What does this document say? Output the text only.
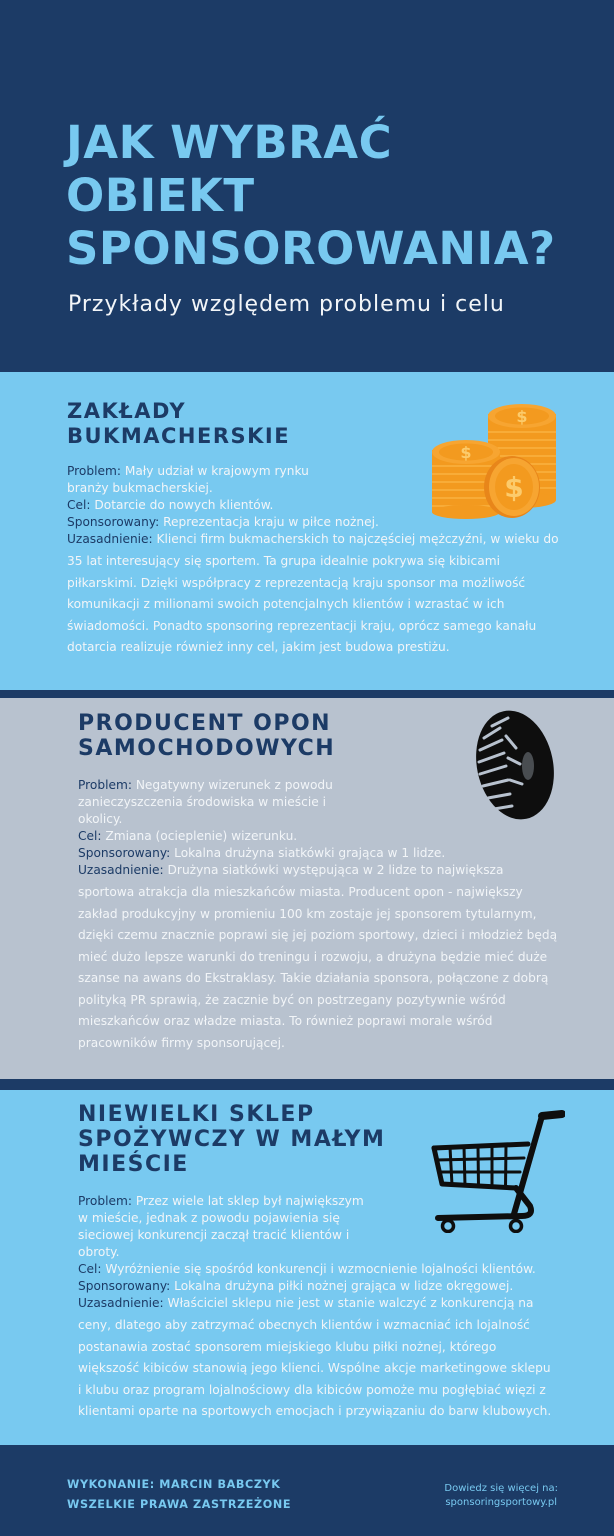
JAK WYBRAĆ
OBIEKT
SPONSOROWANIA?
Przykłady względem problemu i celu
ZAKŁADY
BUKMACHERSKIE
Problem: Mały udział w krajowym rynku
branży bukmacherskiej.
Cel: Dotarcie do nowych klientów.
Sponsorowany: Reprezentacja kraju w piłce nożnej.
Uzasadnienie: Klienci firm bukmacherskich to najczęściej mężczyźni, w wieku do
35 lat interesujący się sportem. Ta grupa idealnie pokrywa się kibicami
piłkarskimi. Dzięki współpracy z reprezentacją kraju sponsor ma możliwość
komunikacji z milionami swoich potencjalnych klientów i wzrastać w ich
świadomości. Ponadto sponsoring reprezentacji kraju, oprócz samego kanału
dotarcia realizuje również inny cel, jakim jest budowa prestiżu.
$
$
$
PRODUCENT OPON
SAMOCHODOWYCH
Problem: Negatywny wizerunek z powodu
zanieczyszczenia środowiska w mieście i
okolicy.
Cel: Zmiana (ocieplenie) wizerunku.
Sponsorowany: Lokalna drużyna siatkówki grająca w 1 lidze.
Uzasadnienie: Drużyna siatkówki występująca w 2 lidze to największa
sportowa atrakcja dla mieszkańców miasta. Producent opon - największy
zakład produkcyjny w promieniu 100 km zostaje jej sponsorem tytularnym,
dzięki czemu znacznie poprawi się jej poziom sportowy, dzieci i młodzież będą
mieć dużo lepsze warunki do treningu i rozwoju, a drużyna będzie mieć duże
szanse na awans do Ekstraklasy. Takie działania sponsora, połączone z dobrą
polityką PR sprawią, że zacznie być on postrzegany pozytywnie wśród
mieszkańców oraz władze miasta. To również poprawi morale wśród
pracowników firmy sponsorującej.
NIEWIELKI SKLEP
SPOŻYWCZY W MAŁYM
MIEŚCIE
Problem: Przez wiele lat sklep był największym
w mieście, jednak z powodu pojawienia się
sieciowej konkurencji zaczął tracić klientów i
obroty.
Cel: Wyróżnienie się spośród konkurencji i wzmocnienie lojalności klientów.
Sponsorowany: Lokalna drużyna piłki nożnej grająca w lidze okręgowej.
Uzasadnienie: Właściciel sklepu nie jest w stanie walczyć z konkurencją na
ceny, dlatego aby zatrzymać obecnych klientów i wzmacniać ich lojalność
postanawia zostać sponsorem miejskiego klubu piłki nożnej, którego
większość kibiców stanowią jego klienci. Wspólne akcje marketingowe sklepu
i klubu oraz program lojalnościowy dla kibiców pomoże mu pogłębiać więzi z
klientami oparte na sportowych emocjach i przywiązaniu do barw klubowych.
WYKONANIE: MARCIN BABCZYK
WSZELKIE PRAWA ZASTRZEŻONE
Dowiedz się więcej na:
sponsoringsportowy.pl
